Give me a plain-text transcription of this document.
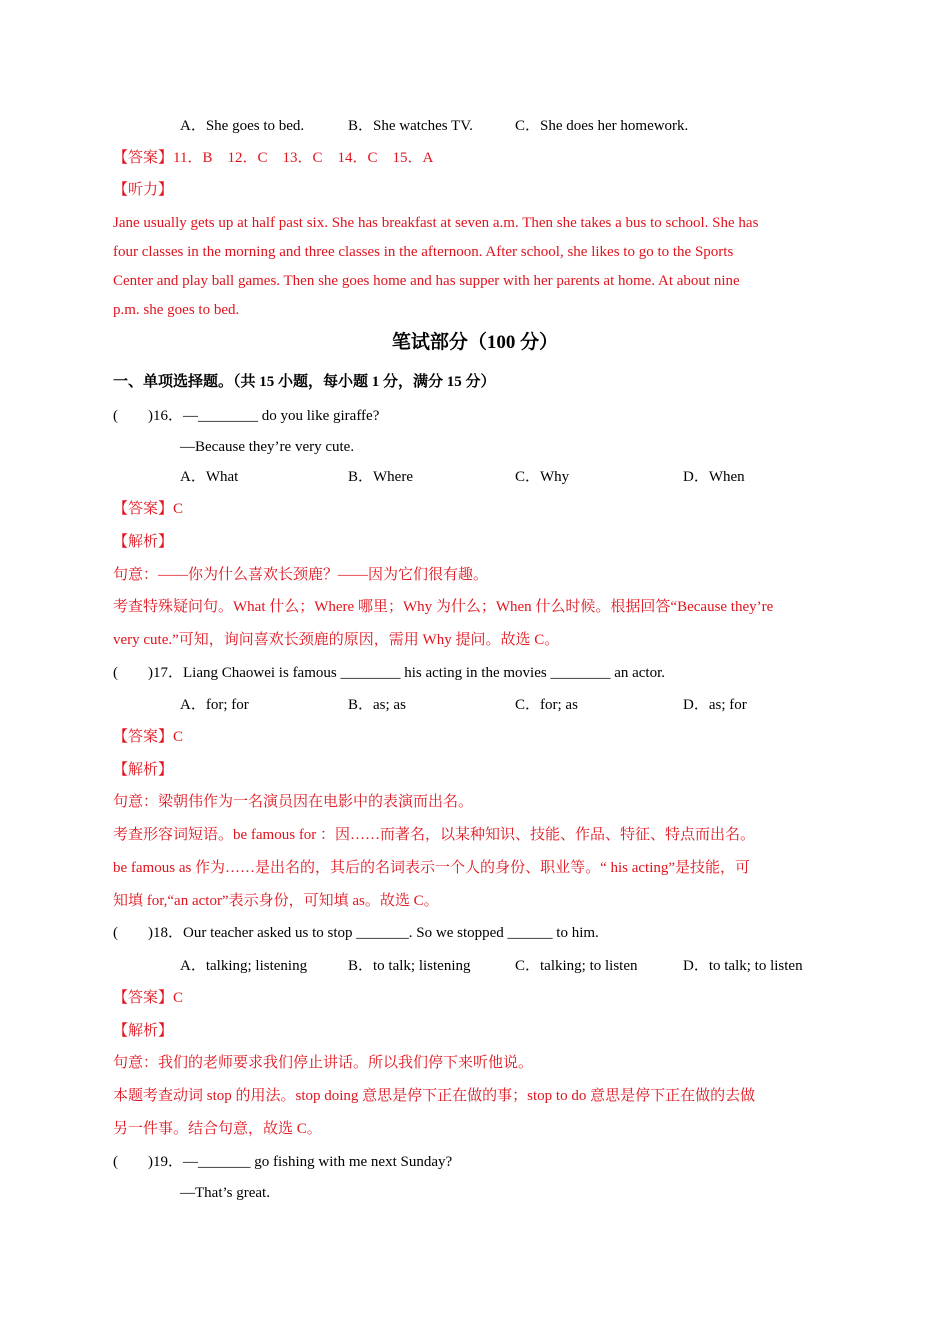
A．She goes to bed.	B．She watches TV.	C．She does her homework.
【答案】11．B　12．C　13．C　14．C　15．A
【听力】
Jane usually gets up at half past six. She has breakfast at seven a.m. Then she takes a bus to school. She has
four classes in the morning and three classes in the afternoon. After school, she likes to go to the Sports
Center and play ball games. Then she goes home and has supper with her parents at home. At about nine
p.m. she goes to bed.
笔试部分（100 分）
一、单项选择题。（共 15 小题，每小题 1 分，满分 15 分）
(　　)16．—________ do you like giraffe?
—Because they’re very cute.
A．What	B．Where	C．Why	D．When
【答案】C
【解析】
句意：——你为什么喜欢长颈鹿？——因为它们很有趣。
考查特殊疑问句。What 什么；Where 哪里；Why 为什么；When 什么时候。根据回答“Because they’re
very cute.”可知，询问喜欢长颈鹿的原因，需用 Why 提问。故选 C。
(　　)17．Liang Chaowei is famous ________ his acting in the movies ________ an actor.
A．for; for	B．as; as	C．for; as	D．as; for
【答案】C
【解析】
句意：梁朝伟作为一名演员因在电影中的表演而出名。
考查形容词短语。be famous for ：因……而著名，以某种知识、技能、作品、特征、特点而出名。
be famous as 作为……是出名的，其后的名词表示一个人的身份、职业等。“ his acting”是技能，可
知填 for,“an actor”表示身份，可知填 as。故选 C。
(　　)18．Our teacher asked us to stop _______. So we stopped ______ to him.
A．talking; listening	B．to talk; listening	C．talking; to listen	D．to talk; to listen
【答案】C
【解析】
句意：我们的老师要求我们停止讲话。所以我们停下来听他说。
本题考查动词 stop 的用法。stop doing 意思是停下正在做的事；stop to do 意思是停下正在做的去做
另一件事。结合句意，故选 C。
(　　)19．—_______ go fishing with me next Sunday?
—That’s great.
